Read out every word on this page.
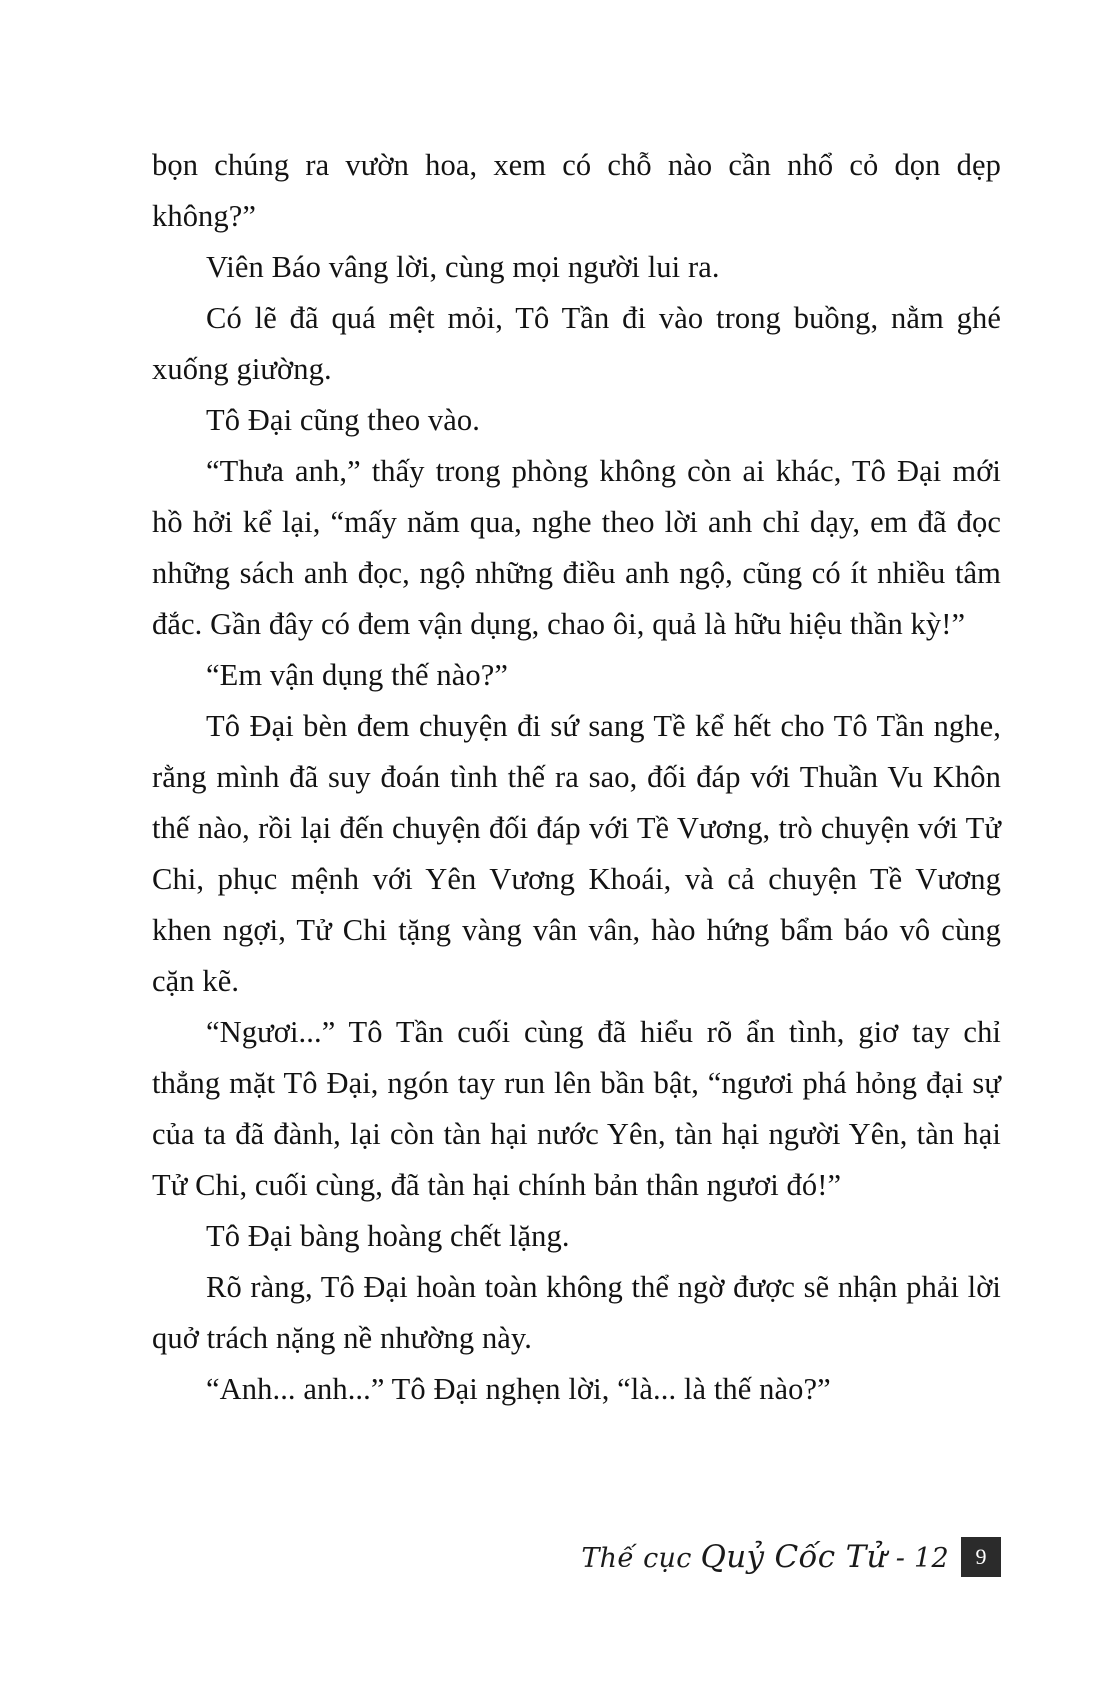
bọn chúng ra vườn hoa, xem có chỗ nào cần nhổ cỏ dọn dẹp không?”

Viên Báo vâng lời, cùng mọi người lui ra.

Có lẽ đã quá mệt mỏi, Tô Tần đi vào trong buồng, nằm ghé xuống giường.

Tô Đại cũng theo vào.

“Thưa anh,” thấy trong phòng không còn ai khác, Tô Đại mới hồ hởi kể lại, “mấy năm qua, nghe theo lời anh chỉ dạy, em đã đọc những sách anh đọc, ngộ những điều anh ngộ, cũng có ít nhiều tâm đắc. Gần đây có đem vận dụng, chao ôi, quả là hữu hiệu thần kỳ!”

“Em vận dụng thế nào?”

Tô Đại bèn đem chuyện đi sứ sang Tề kể hết cho Tô Tần nghe, rằng mình đã suy đoán tình thế ra sao, đối đáp với Thuần Vu Khôn thế nào, rồi lại đến chuyện đối đáp với Tề Vương, trò chuyện với Tử Chi, phục mệnh với Yên Vương Khoái, và cả chuyện Tề Vương khen ngợi, Tử Chi tặng vàng vân vân, hào hứng bẩm báo vô cùng cặn kẽ.

“Ngươi...” Tô Tần cuối cùng đã hiểu rõ ẩn tình, giơ tay chỉ thẳng mặt Tô Đại, ngón tay run lên bần bật, “ngươi phá hỏng đại sự của ta đã đành, lại còn tàn hại nước Yên, tàn hại người Yên, tàn hại Tử Chi, cuối cùng, đã tàn hại chính bản thân ngươi đó!”

Tô Đại bàng hoàng chết lặng.

Rõ ràng, Tô Đại hoàn toàn không thể ngờ được sẽ nhận phải lời quở trách nặng nề nhường này.

“Anh... anh...” Tô Đại nghẹn lời, “là... là thế nào?”

Thế cục Quỷ Cốc Tử - 12	9
